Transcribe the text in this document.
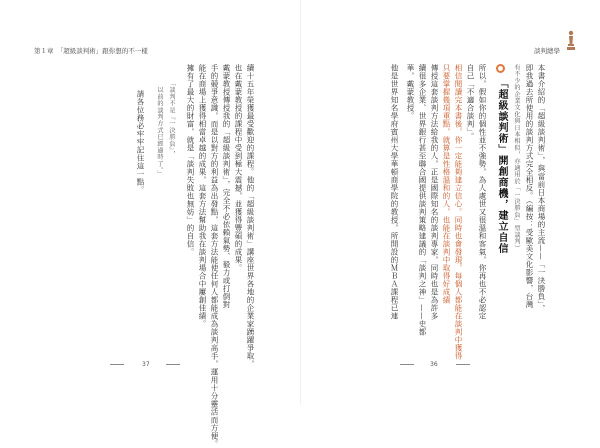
第１章　「超級談判術」跟你想的不一樣	談判總學
本書介紹的「超級談判術」，與當前日本商場的主流——「一決勝負」，
即我過去所使用的談判方式完全相反。（編按：受歐美文化影響，台灣
有不少的企業文化與日本相似，亦適用於「一決勝負」型談判）
「超級談判術」開創商機，建立自信
所以，假如你的個性並不強勢，為人處世又很溫和客氣，你再也不必認定
自己「不適合談判」。
相信閱讀完本書後，你一定能夠建立信心。同時也會發現，每個人都能在談判中獲得
只要掌握幾項重點，就算是性格溫和的人，也能在談判中取得好成績
傳授這套談判方法給我的人，正是國際知名的談判專家，同時也是為許多
續很多企業、世界銀行甚至聯合國提供談判策略建議的「談判之神」——史都
華，戴蒙教授。
他是世界知名學府賓州大學華頓商學院的教授，所開設的ＭＢＡ課程已連
續十五年榮獲最受歡迎的課程。他的「超級談判術」講座世界各地的企業家踴躍爭取，
也在戴蒙教授的課程中受到極大震撼，並獲得豐碩的成果。
戴蒙教授傳授我的「超級談判術」，完全不必依賴氣勢、毅力或打倒對
手的競爭意識，而是以對方的利益為出發點，這套方法能使任何人都能成為談判高手，運用十分靈活而方便。
能在商場上獲得相當卓越的成果，這套方法幫助我在談判場合中屢創佳績。
擁有了最大的財富，就是「談判失敗也無妨」的自信。
「談判不是『一決勝負』，
　以前的談判方式已經過時了。」
請各位務必牢牢記住這一點。
37	36
